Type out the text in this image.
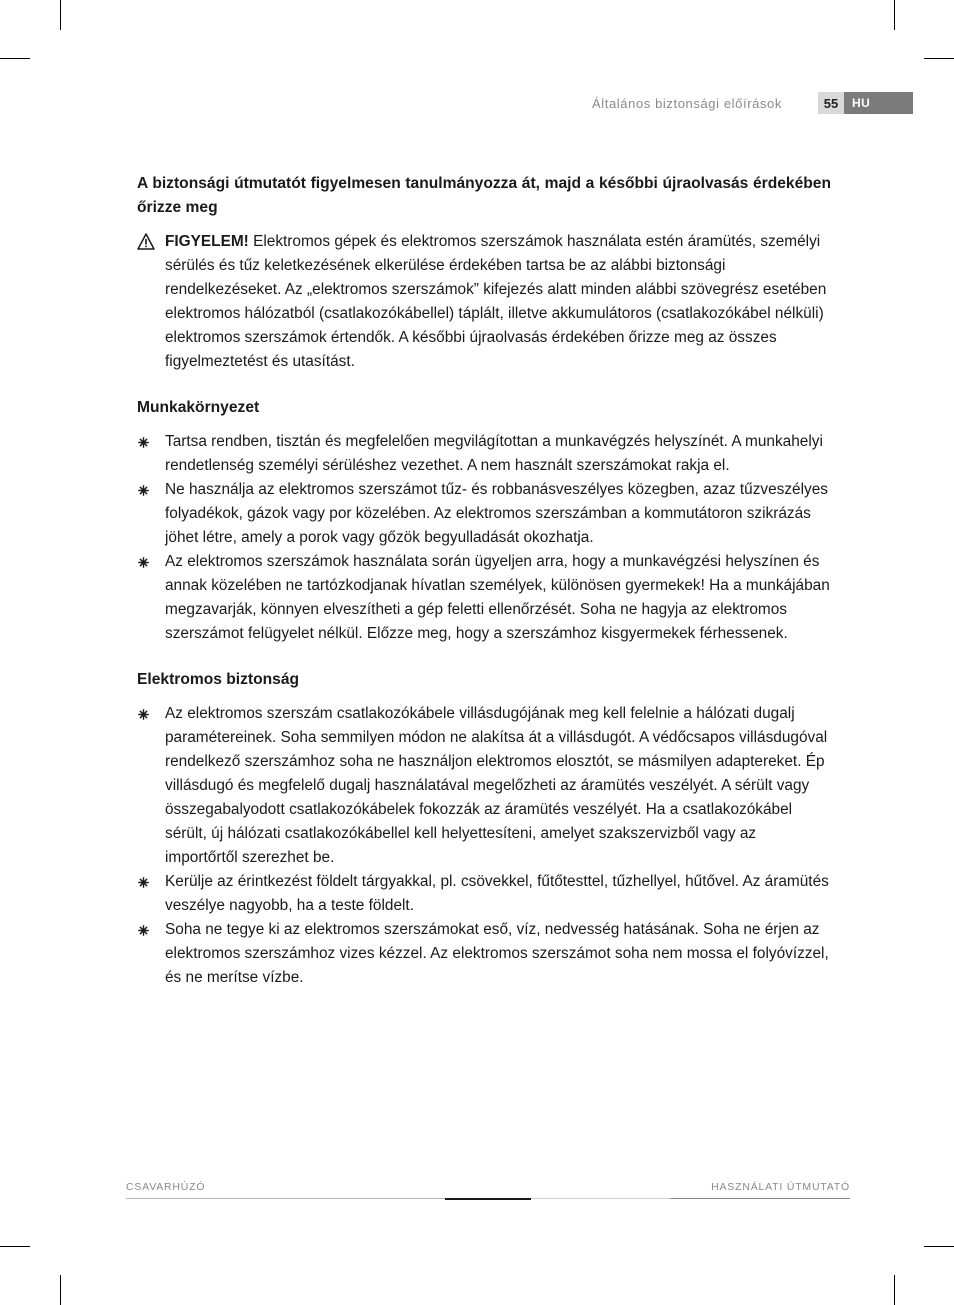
Általános biztonsági előírások	55	HU

A biztonsági útmutatót figyelmesen tanulmányozza át, majd a későbbi újraolvasás érdekében őrizze meg

FIGYELEM! Elektromos gépek és elektromos szerszámok használata estén áramütés, személyi sérülés és tűz keletkezésének elkerülése érdekében tartsa be az alábbi biztonsági rendelkezéseket. Az „elektromos szerszámok” kifejezés alatt minden alábbi szövegrész esetében elektromos hálózatból (csatlakozókábellel) táplált, illetve akkumulátoros (csatlakozókábel nélküli) elektromos szerszámok értendők. A későbbi újraolvasás érdekében őrizze meg az összes figyelmeztetést és utasítást.
Munkakörnyezet
Tartsa rendben, tisztán és megfelelően megvilágítottan a munkavégzés helyszínét. A munkahelyi rendetlenség személyi sérüléshez vezethet. A nem használt szerszámokat rakja el.
Ne használja az elektromos szerszámot tűz- és robbanásveszélyes közegben, azaz tűzveszélyes folyadékok, gázok vagy por közelében. Az elektromos szerszámban a kommutátoron szikrázás jöhet létre, amely a porok vagy gőzök begyulladását okozhatja.
Az elektromos szerszámok használata során ügyeljen arra, hogy a munkavégzési helyszínen és annak közelében ne tartózkodjanak hívatlan személyek, különösen gyermekek! Ha a munkájában megzavarják, könnyen elveszítheti a gép feletti ellenőrzését. Soha ne hagyja az elektromos szerszámot felügyelet nélkül. Előzze meg, hogy a szerszámhoz kisgyermekek férhessenek.
Elektromos biztonság
Az elektromos szerszám csatlakozókábele villásdugójának meg kell felelnie a hálózati dugalj paramétereinek. Soha semmilyen módon ne alakítsa át a villásdugót. A védőcsapos villásdugóval rendelkező szerszámhoz soha ne használjon elektromos elosztót, se másmilyen adaptereket. Ép villásdugó és megfelelő dugalj használatával megelőzheti az áramütés veszélyét. A sérült vagy összegabalyodott csatlakozókábelek fokozzák az áramütés veszélyét. Ha a csatlakozókábel sérült, új hálózati csatlakozókábellel kell helyettesíteni, amelyet szakszervizből vagy az importőrtől szerezhet be.
Kerülje az érintkezést földelt tárgyakkal, pl. csövekkel, fűtőtesttel, tűzhellyel, hűtővel. Az áramütés veszélye nagyobb, ha a teste földelt.
Soha ne tegye ki az elektromos szerszámokat eső, víz, nedvesség hatásának. Soha ne érjen az elektromos szerszámhoz vizes kézzel. Az elektromos szerszámot soha nem mossa el folyóvízzel, és ne merítse vízbe.
CSAVARHÚZÓ	HASZNÁLATI ÚTMUTATÓ
